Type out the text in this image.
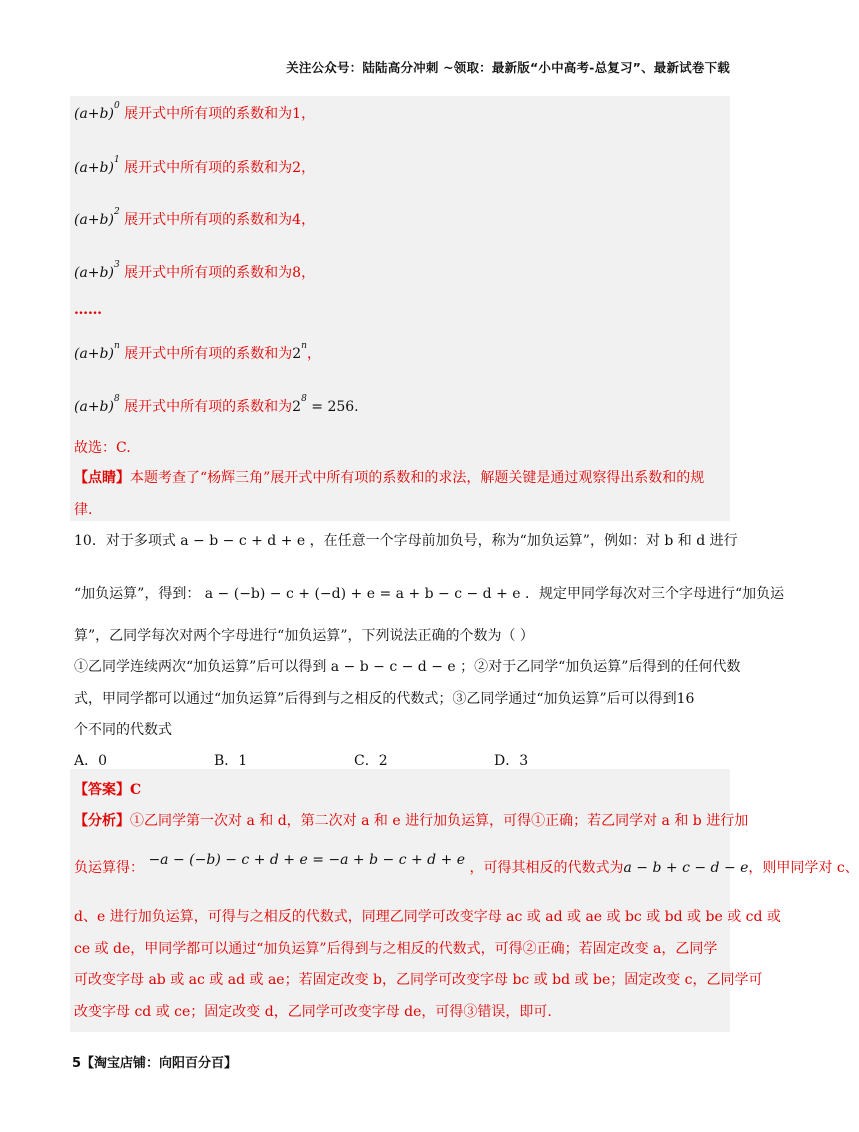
关注公众号：陆陆高分冲刺 ~领取：最新版“小中高考-总复习”、最新试卷下载
$(a+b)^0$ 展开式中所有项的系数和为1，
$(a+b)^1$ 展开式中所有项的系数和为2，
$(a+b)^2$ 展开式中所有项的系数和为4，
$(a+b)^3$ 展开式中所有项的系数和为8，
……
$(a+b)^n$ 展开式中所有项的系数和为2$^n$，
$(a+b)^8$ 展开式中所有项的系数和为$2^8 = 256$.
故选：C.
【点睛】本题考查了“杨辉三角”展开式中所有项的系数和的求法，解题关键是通过观察得出系数和的规
律.
10．对于多项式 a − b − c + d + e ，在任意一个字母前加负号，称为“加负运算”，例如：对 b 和 d 进行
“加负运算”，得到： a − (−b) − c + (−d) + e = a + b − c − d + e ．规定甲同学每次对三个字母进行“加负运
算”，乙同学每次对两个字母进行“加负运算”，下列说法正确的个数为（ ）
①乙同学连续两次“加负运算”后可以得到 a − b − c − d − e ；②对于乙同学“加负运算”后得到的任何代数
式，甲同学都可以通过“加负运算”后得到与之相反的代数式；③乙同学通过“加负运算”后可以得到16
个不同的代数式
A．0	B．1	C．2	D．3
【答案】C
【分析】①乙同学第一次对 a 和 d，第二次对 a 和 e 进行加负运算，可得①正确；若乙同学对 a 和 b 进行加
负运算得： −a − (−b) − c + d + e = −a + b − c + d + e ，可得其相反的代数式为a − b + c − d − e，则甲同学对 c、
d、e 进行加负运算，可得与之相反的代数式，同理乙同学可改变字母 ac 或 ad 或 ae 或 bc 或 bd 或 be 或 cd 或
ce 或 de，甲同学都可以通过“加负运算”后得到与之相反的代数式，可得②正确；若固定改变 a，乙同学
可改变字母 ab 或 ac 或 ad 或 ae；若固定改变 b，乙同学可改变字母 bc 或 bd 或 be；固定改变 c，乙同学可
改变字母 cd 或 ce；固定改变 d，乙同学可改变字母 de，可得③错误，即可.
5【淘宝店铺：向阳百分百】
